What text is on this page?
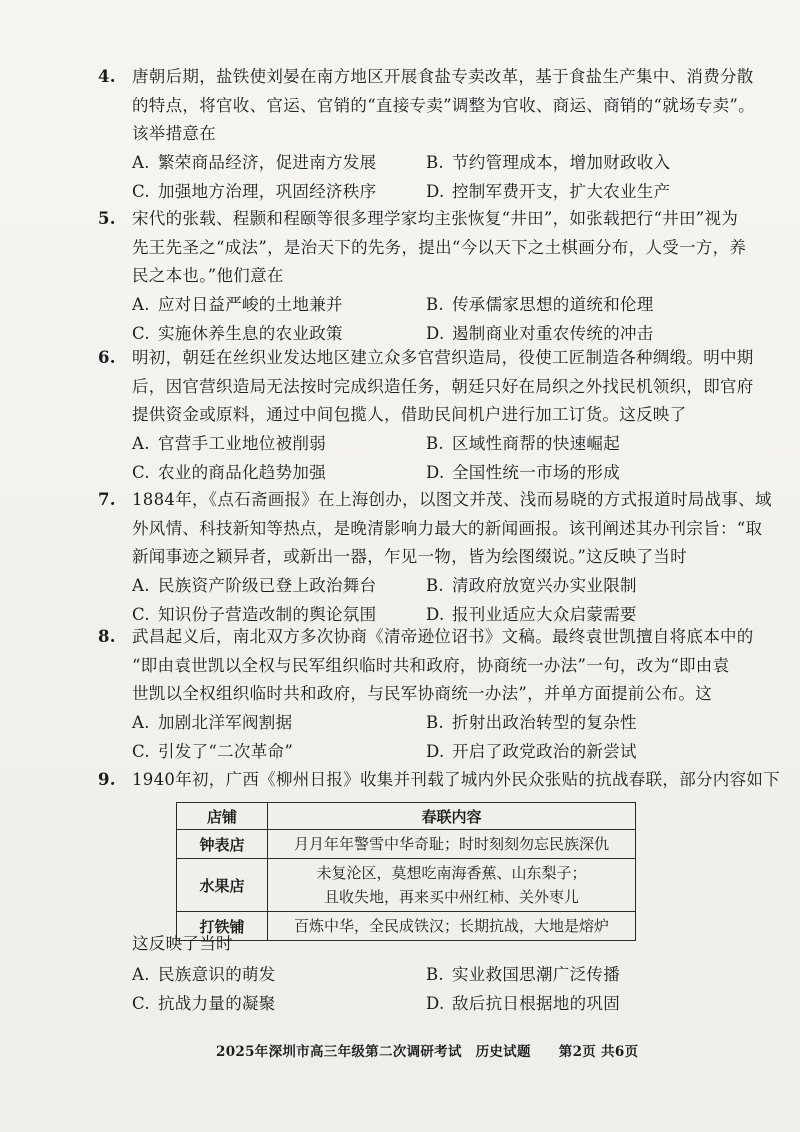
4. 唐朝后期，盐铁使刘晏在南方地区开展食盐专卖改革，基于食盐生产集中、消费分散
的特点，将官收、官运、官销的“直接专卖”调整为官收、商运、商销的“就场专卖”。
该举措意在
A. 繁荣商品经济，促进南方发展	B. 节约管理成本，增加财政收入
C. 加强地方治理，巩固经济秩序	D. 控制军费开支，扩大农业生产
5. 宋代的张载、程颢和程颐等很多理学家均主张恢复“井田”，如张载把行“井田”视为
先王先圣之“成法”，是治天下的先务，提出“今以天下之土棋画分布，人受一方，养
民之本也。”他们意在
A. 应对日益严峻的土地兼并	B. 传承儒家思想的道统和伦理
C. 实施休养生息的农业政策	D. 遏制商业对重农传统的冲击
6. 明初，朝廷在丝织业发达地区建立众多官营织造局，役使工匠制造各种绸缎。明中期
后，因官营织造局无法按时完成织造任务，朝廷只好在局织之外找民机领织，即官府
提供资金或原料，通过中间包揽人，借助民间机户进行加工订货。这反映了
A. 官营手工业地位被削弱	B. 区域性商帮的快速崛起
C. 农业的商品化趋势加强	D. 全国性统一市场的形成
7. 1884年，《点石斋画报》在上海创办，以图文并茂、浅而易晓的方式报道时局战事、域
外风情、科技新知等热点，是晚清影响力最大的新闻画报。该刊阐述其办刊宗旨：“取
新闻事迹之颖异者，或新出一器，乍见一物，皆为绘图缀说。”这反映了当时
A. 民族资产阶级已登上政治舞台	B. 清政府放宽兴办实业限制
C. 知识份子营造改制的舆论氛围	D. 报刊业适应大众启蒙需要
8. 武昌起义后，南北双方多次协商《清帝逊位诏书》文稿。最终袁世凯擅自将底本中的
“即由袁世凯以全权与民军组织临时共和政府，协商统一办法”一句，改为“即由袁
世凯以全权组织临时共和政府，与民军协商统一办法”，并单方面提前公布。这
A. 加剧北洋军阀割据	B. 折射出政治转型的复杂性
C. 引发了“二次革命”	D. 开启了政党政治的新尝试
9. 1940年初，广西《柳州日报》收集并刊载了城内外民众张贴的抗战春联，部分内容如下
店铺	春联内容
钟表店	月月年年警雪中华奇耻；时时刻刻勿忘民族深仇
水果店	未复沦区，莫想吃南海香蕉、山东梨子；
且收失地，再来买中州红柿、关外枣儿
打铁铺	百炼中华，全民成铁汉；长期抗战，大地是熔炉
这反映了当时
A. 民族意识的萌发	B. 实业救国思潮广泛传播
C. 抗战力量的凝聚	D. 敌后抗日根据地的巩固
2025年深圳市高三年级第二次调研考试　历史试题 第2页 共6页
